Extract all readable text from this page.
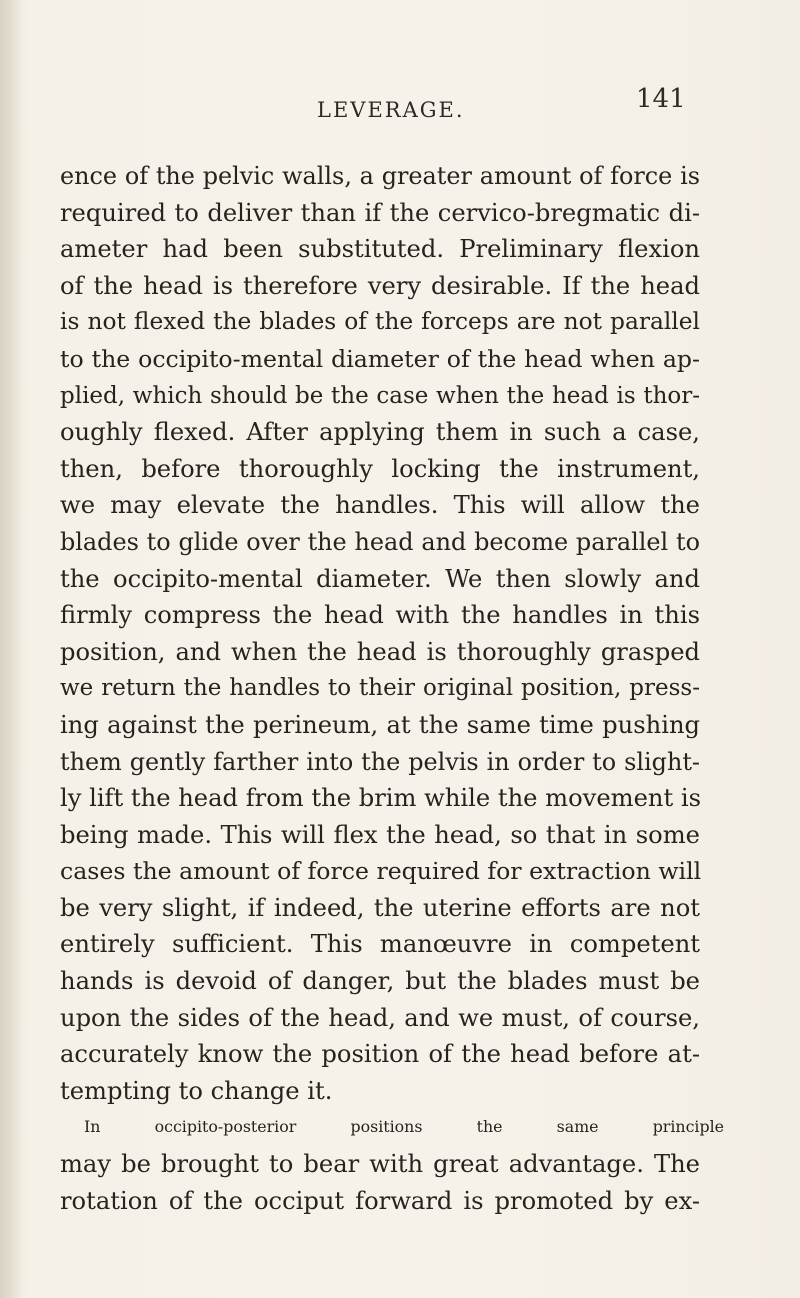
LEVERAGE.	141
ence of the pelvic walls, a greater amount of force is
required to deliver than if the cervico-bregmatic di-
ameter had been substituted. Preliminary flexion
of the head is therefore very desirable. If the head
is not flexed the blades of the forceps are not parallel
to the occipito-mental diameter of the head when ap-
plied, which should be the case when the head is thor-
oughly flexed. After applying them in such a case,
then, before thoroughly locking the instrument,
we may elevate the handles. This will allow the
blades to glide over the head and become parallel to
the occipito-mental diameter. We then slowly and
firmly compress the head with the handles in this
position, and when the head is thoroughly grasped
we return the handles to their original position, press-
ing against the perineum, at the same time pushing
them gently farther into the pelvis in order to slight-
ly lift the head from the brim while the movement is
being made. This will flex the head, so that in some
cases the amount of force required for extraction will
be very slight, if indeed, the uterine efforts are not
entirely sufficient. This manœuvre in competent
hands is devoid of danger, but the blades must be
upon the sides of the head, and we must, of course,
accurately know the position of the head before at-
tempting to change it.
In occipito-posterior positions the same principle
may be brought to bear with great advantage. The
rotation of the occiput forward is promoted by ex-
